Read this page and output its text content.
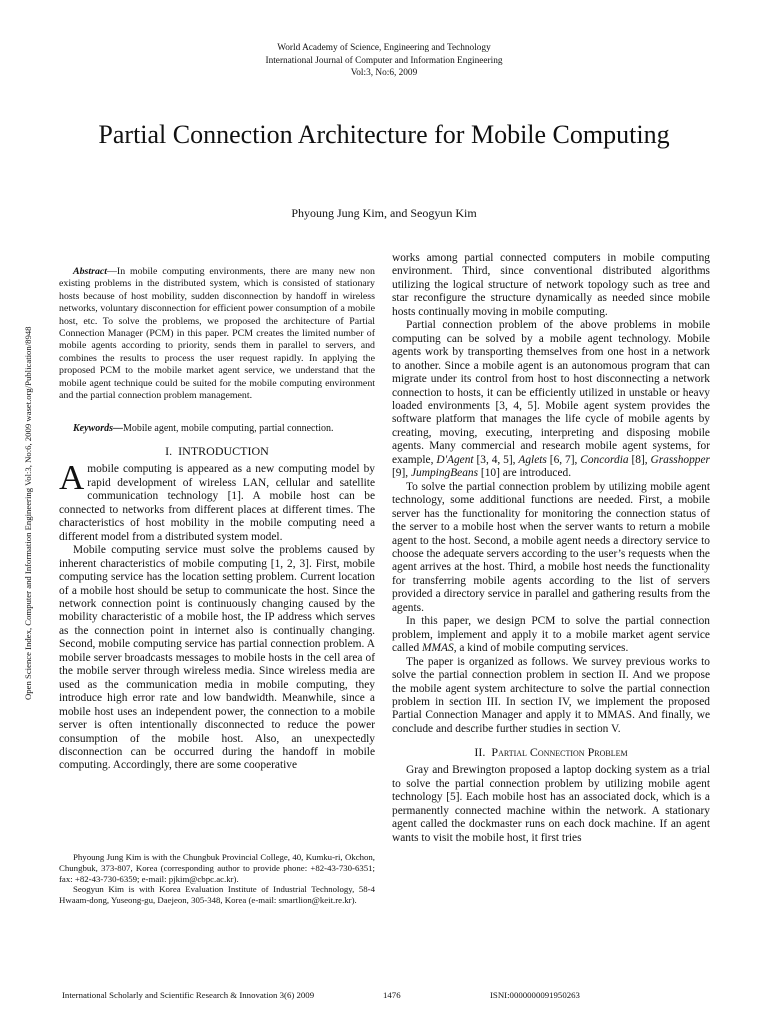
World Academy of Science, Engineering and Technology
International Journal of Computer and Information Engineering
Vol:3, No:6, 2009
Partial Connection Architecture for Mobile Computing
Phyoung Jung Kim, and Seogyun Kim
Open Science Index, Computer and Information Engineering Vol:3, No:6, 2009 waset.org/Publication/8948

Abstract—In mobile computing environments, there are many new non existing problems in the distributed system, which is consisted of stationary hosts because of host mobility, sudden disconnection by handoff in wireless networks, voluntary disconnection for efficient power consumption of a mobile host, etc. To solve the problems, we proposed the architecture of Partial Connection Manager (PCM) in this paper. PCM creates the limited number of mobile agents according to priority, sends them in parallel to servers, and combines the results to process the user request rapidly. In applying the proposed PCM to the mobile market agent service, we understand that the mobile agent technique could be suited for the mobile computing environment and the partial connection problem management.

Keywords—Mobile agent, mobile computing, partial connection.

I.  INTRODUCTION

Amobile computing is appeared as a new computing model by rapid development of wireless LAN, cellular and satellite communication technology [1]. A mobile host can be connected to networks from different places at different times. The characteristics of host mobility in the mobile computing need a different model from a distributed system model.

Mobile computing service must solve the problems caused by inherent characteristics of mobile computing [1, 2, 3]. First, mobile computing service has the location setting problem. Current location of a mobile host should be setup to communicate the host. Since the network connection point is continuously changing caused by the mobility characteristic of a mobile host, the IP address which serves as the connection point in internet also is continually changing. Second, mobile computing service has partial connection problem. A mobile server broadcasts messages to mobile hosts in the cell area of the mobile server through wireless media. Since wireless media are used as the communication media in mobile computing, they introduce high error rate and low bandwidth. Meanwhile, since a mobile host uses an independent power, the connection to a mobile server is often intentionally disconnected to reduce the power consumption of the mobile host. Also, an unexpectedly disconnection can be occurred during the handoff in mobile computing. Accordingly, there are some cooperative

Phyoung Jung Kim is with the Chungbuk Provincial College, 40, Kumku-ri, Okchon, Chungbuk, 373-807, Korea (corresponding author to provide phone: +82-43-730-6351; fax: +82-43-730-6359; e-mail: pjkim@cbpc.ac.kr).

Seogyun Kim is with Korea Evaluation Institute of Industrial Technology, 58-4 Hwaam-dong, Yuseong-gu, Daejeon, 305-348, Korea (e-mail: smartlion@keit.re.kr).

works among partial connected computers in mobile computing environment. Third, since conventional distributed algorithms utilizing the logical structure of network topology such as tree and star reconfigure the structure dynamically as needed since mobile hosts continually moving in mobile computing.

Partial connection problem of the above problems in mobile computing can be solved by a mobile agent technology. Mobile agents work by transporting themselves from one host in a network to another. Since a mobile agent is an autonomous program that can migrate under its control from host to host disconnecting a network connection to hosts, it can be efficiently utilized in unstable or heavy loaded environments [3, 4, 5]. Mobile agent system provides the software platform that manages the life cycle of mobile agents by creating, moving, executing, interpreting and disposing mobile agents. Many commercial and research mobile agent systems, for example, D'Agent [3, 4, 5], Aglets [6, 7], Concordia [8], Grasshopper [9], JumpingBeans [10] are introduced.

To solve the partial connection problem by utilizing mobile agent technology, some additional functions are needed. First, a mobile server has the functionality for monitoring the connection status of the server to a mobile host when the server wants to return a mobile agent to the host. Second, a mobile agent needs a directory service to choose the adequate servers according to the user’s requests when the agent arrives at the host. Third, a mobile host needs the functionality for transferring mobile agents according to the list of servers provided a directory service in parallel and gathering results from the agents.

In this paper, we design PCM to solve the partial connection problem, implement and apply it to a mobile market agent service called MMAS, a kind of mobile computing services.

The paper is organized as follows. We survey previous works to solve the partial connection problem in section II. And we propose the mobile agent system architecture to solve the partial connection problem in section III. In section IV, we implement the proposed Partial Connection Manager and apply it to MMAS. And finally, we conclude and describe further studies in section V.

II.  Partial Connection Problem

Gray and Brewington proposed a laptop docking system as a trial to solve the partial connection problem by utilizing mobile agent technology [5]. Each mobile host has an associated dock, which is a permanently connected machine within the network. A stationary agent called the dockmaster runs on each dock machine. If an agent wants to visit the mobile host, it first tries

International Scholarly and Scientific Research & Innovation 3(6) 2009	1476	ISNI:0000000091950263
